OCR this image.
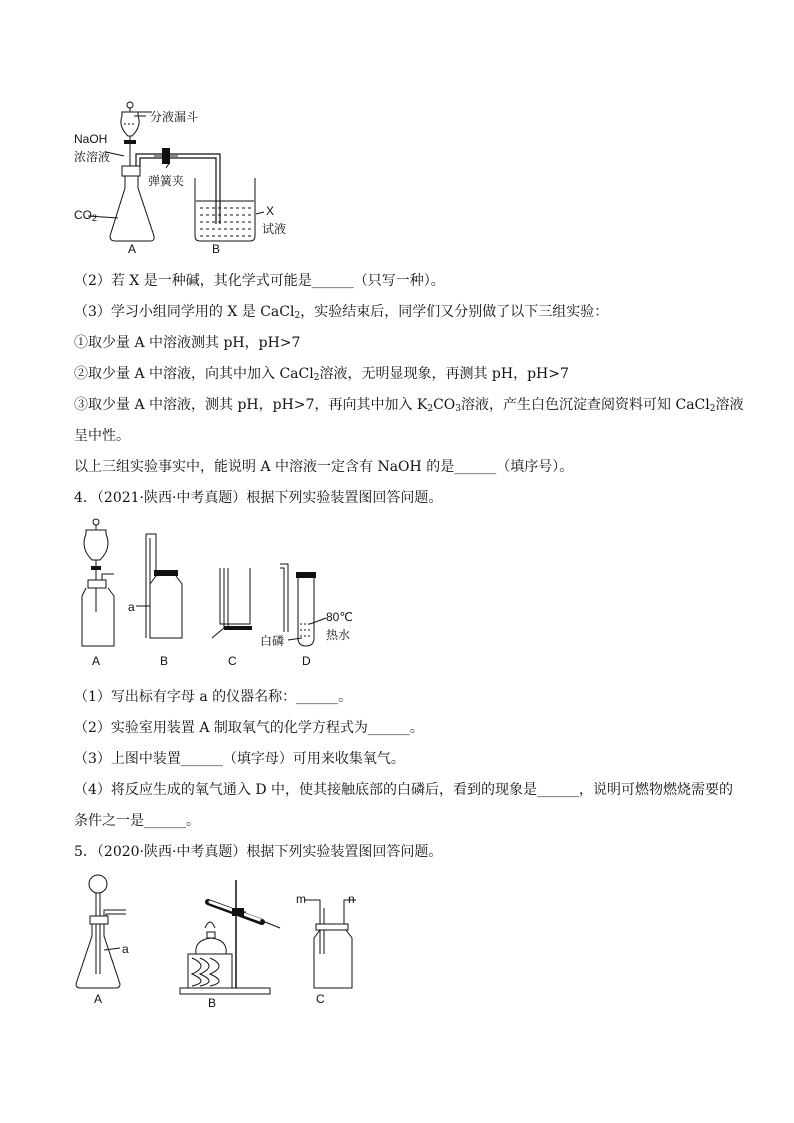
分液漏斗
NaOH
浓溶液
弹簧夹
$CO_2$	X
试液
A	B
（2）若 X 是一种碱，其化学式可能是______（只写一种）。
（3）学习小组同学用的 X 是 CaCl$_2$，实验结束后，同学们又分别做了以下三组实验：
①取少量 A 中溶液测其 pH，pH>7
②取少量 A 中溶液，向其中加入 CaCl$_2$溶液，无明显现象，再测其 pH，pH>7
③取少量 A 中溶液，测其 pH，pH>7，再向其中加入 $K_2CO_3$溶液，产生白色沉淀查阅资料可知 CaCl$_2$溶液
呈中性。
以上三组实验事实中，能说明 A 中溶液一定含有 NaOH 的是______（填序号）。
4．（2021·陕西·中考真题）根据下列实验装置图回答问题。
a
80℃
热水
白磷
A	B	C	D
（1）写出标有字母 a 的仪器名称：______。
（2）实验室用装置 A 制取氧气的化学方程式为______。
（3）上图中装置______（填字母）可用来收集氧气。
（4）将反应生成的氧气通入 D 中，使其接触底部的白磷后，看到的现象是______，说明可燃物燃烧需要的
条件之一是______。
5．（2020·陕西·中考真题）根据下列实验装置图回答问题。
a
m	n
A	B	C
